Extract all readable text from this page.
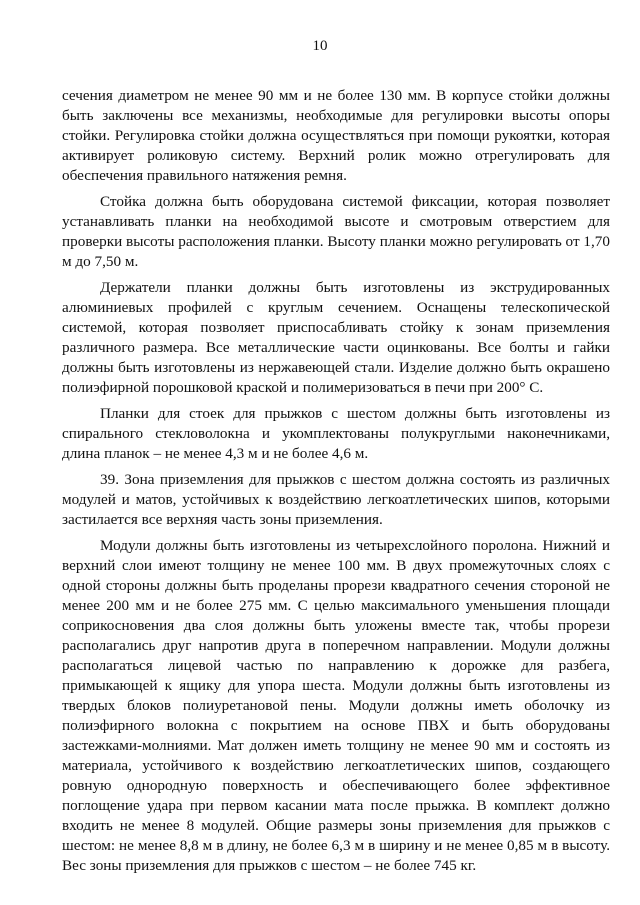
10

сечения диаметром не менее 90 мм и не более 130 мм. В корпусе стойки должны быть заключены все механизмы, необходимые для регулировки высоты опоры стойки. Регулировка стойки должна осуществляться при помощи рукоятки, которая активирует роликовую систему. Верхний ролик можно отрегулировать для обеспечения правильного натяжения ремня.

Стойка должна быть оборудована системой фиксации, которая позволяет устанавливать планки на необходимой высоте и смотровым отверстием для проверки высоты расположения планки. Высоту планки можно регулировать от 1,70 м до 7,50 м.

Держатели планки должны быть изготовлены из экструдированных алюминиевых профилей с круглым сечением. Оснащены телескопической системой, которая позволяет приспосабливать стойку к зонам приземления различного размера. Все металлические части оцинкованы. Все болты и гайки должны быть изготовлены из нержавеющей стали. Изделие должно быть окрашено полиэфирной порошковой краской и полимеризоваться в печи при 200° С.

Планки для стоек для прыжков с шестом должны быть изготовлены из спирального стекловолокна и укомплектованы полукруглыми наконечниками, длина планок – не менее 4,3 м и не более 4,6 м.

39. Зона приземления для прыжков с шестом должна состоять из различных модулей и матов, устойчивых к воздействию легкоатлетических шипов, которыми застилается все верхняя часть зоны приземления.

Модули должны быть изготовлены из четырехслойного поролона. Нижний и верхний слои имеют толщину не менее 100 мм. В двух промежуточных слоях с одной стороны должны быть проделаны прорези квадратного сечения стороной не менее 200 мм и не более 275 мм. С целью максимального уменьшения площади соприкосновения два слоя должны быть уложены вместе так, чтобы прорези располагались друг напротив друга в поперечном направлении. Модули должны располагаться лицевой частью по направлению к дорожке для разбега, примыкающей к ящику для упора шеста. Модули должны быть изготовлены из твердых блоков полиуретановой пены. Модули должны иметь оболочку из полиэфирного волокна с покрытием на основе ПВХ и быть оборудованы застежками-молниями. Мат должен иметь толщину не менее 90 мм и состоять из материала, устойчивого к воздействию легкоатлетических шипов, создающего ровную однородную поверхность и обеспечивающего более эффективное поглощение удара при первом касании мата после прыжка. В комплект должно входить не менее 8 модулей. Общие размеры зоны приземления для прыжков с шестом: не менее 8,8 м в длину, не более 6,3 м в ширину и не менее 0,85 м в высоту. Вес зоны приземления для прыжков с шестом – не более 745 кг.
